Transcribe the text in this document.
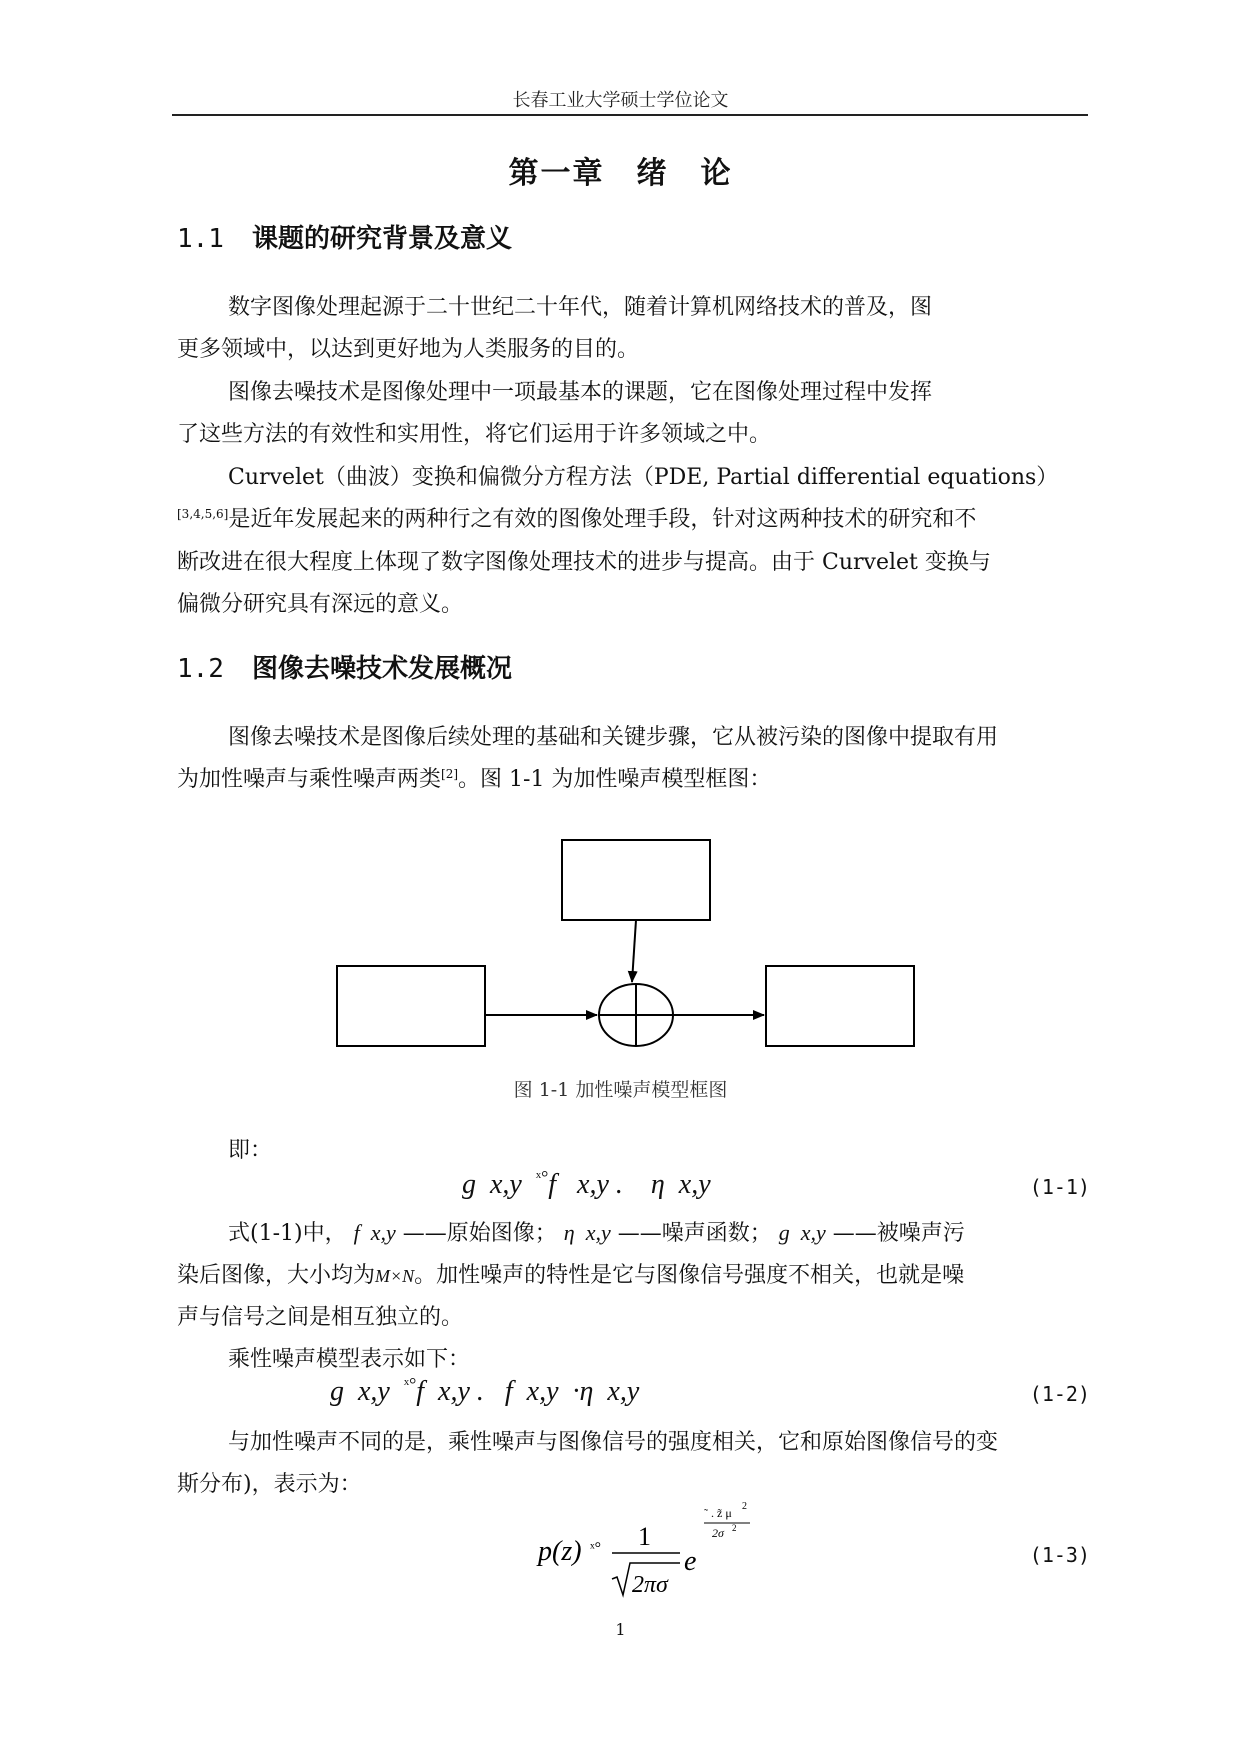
长春工业大学硕士学位论文
第一章　绪　论
1.1 课题的研究背景及意义
数字图像处理起源于二十世纪二十年代，随着计算机网络技术的普及，图
更多领域中，以达到更好地为人类服务的目的。
图像去噪技术是图像处理中一项最基本的课题，它在图像处理过程中发挥
了这些方法的有效性和实用性，将它们运用于许多领域之中。
Curvelet（曲波）变换和偏微分方程方法（PDE, Partial differential equations）
[3,4,5,6]是近年发展起来的两种行之有效的图像处理手段，针对这两种技术的研究和不
断改进在很大程度上体现了数字图像处理技术的进步与提高。由于 Curvelet 变换与
偏微分研究具有深远的意义。
1.2 图像去噪技术发展概况
图像去噪技术是图像后续处理的基础和关键步骤，它从被污染的图像中提取有用
为加性噪声与乘性噪声两类[2]。图 1-1 为加性噪声模型框图：
图 1-1 加性噪声模型框图
即：
g  x,y  $^{ˣ^\circ}$f   x,y .    η  x,y	(1-1)
式(1-1)中， f  x,y ——原始图像； η  x,y ——噪声函数； g  x,y ——被噪声污
染后图像，大小均为M×N。加性噪声的特性是它与图像信号强度不相关，也就是噪
声与信号之间是相互独立的。
乘性噪声模型表示如下：
g  x,y  $^{ˣ^\circ}$f  x,y .   f  x,y  ·η  x,y	(1-2)
与加性噪声不同的是，乘性噪声与图像信号的强度相关，它和原始图像信号的变
斯分布)，表示为：
p(z) ˣ° 1
2πσ
e
˜ . z̃ μ 2
2σ 2
(1-3)
1
